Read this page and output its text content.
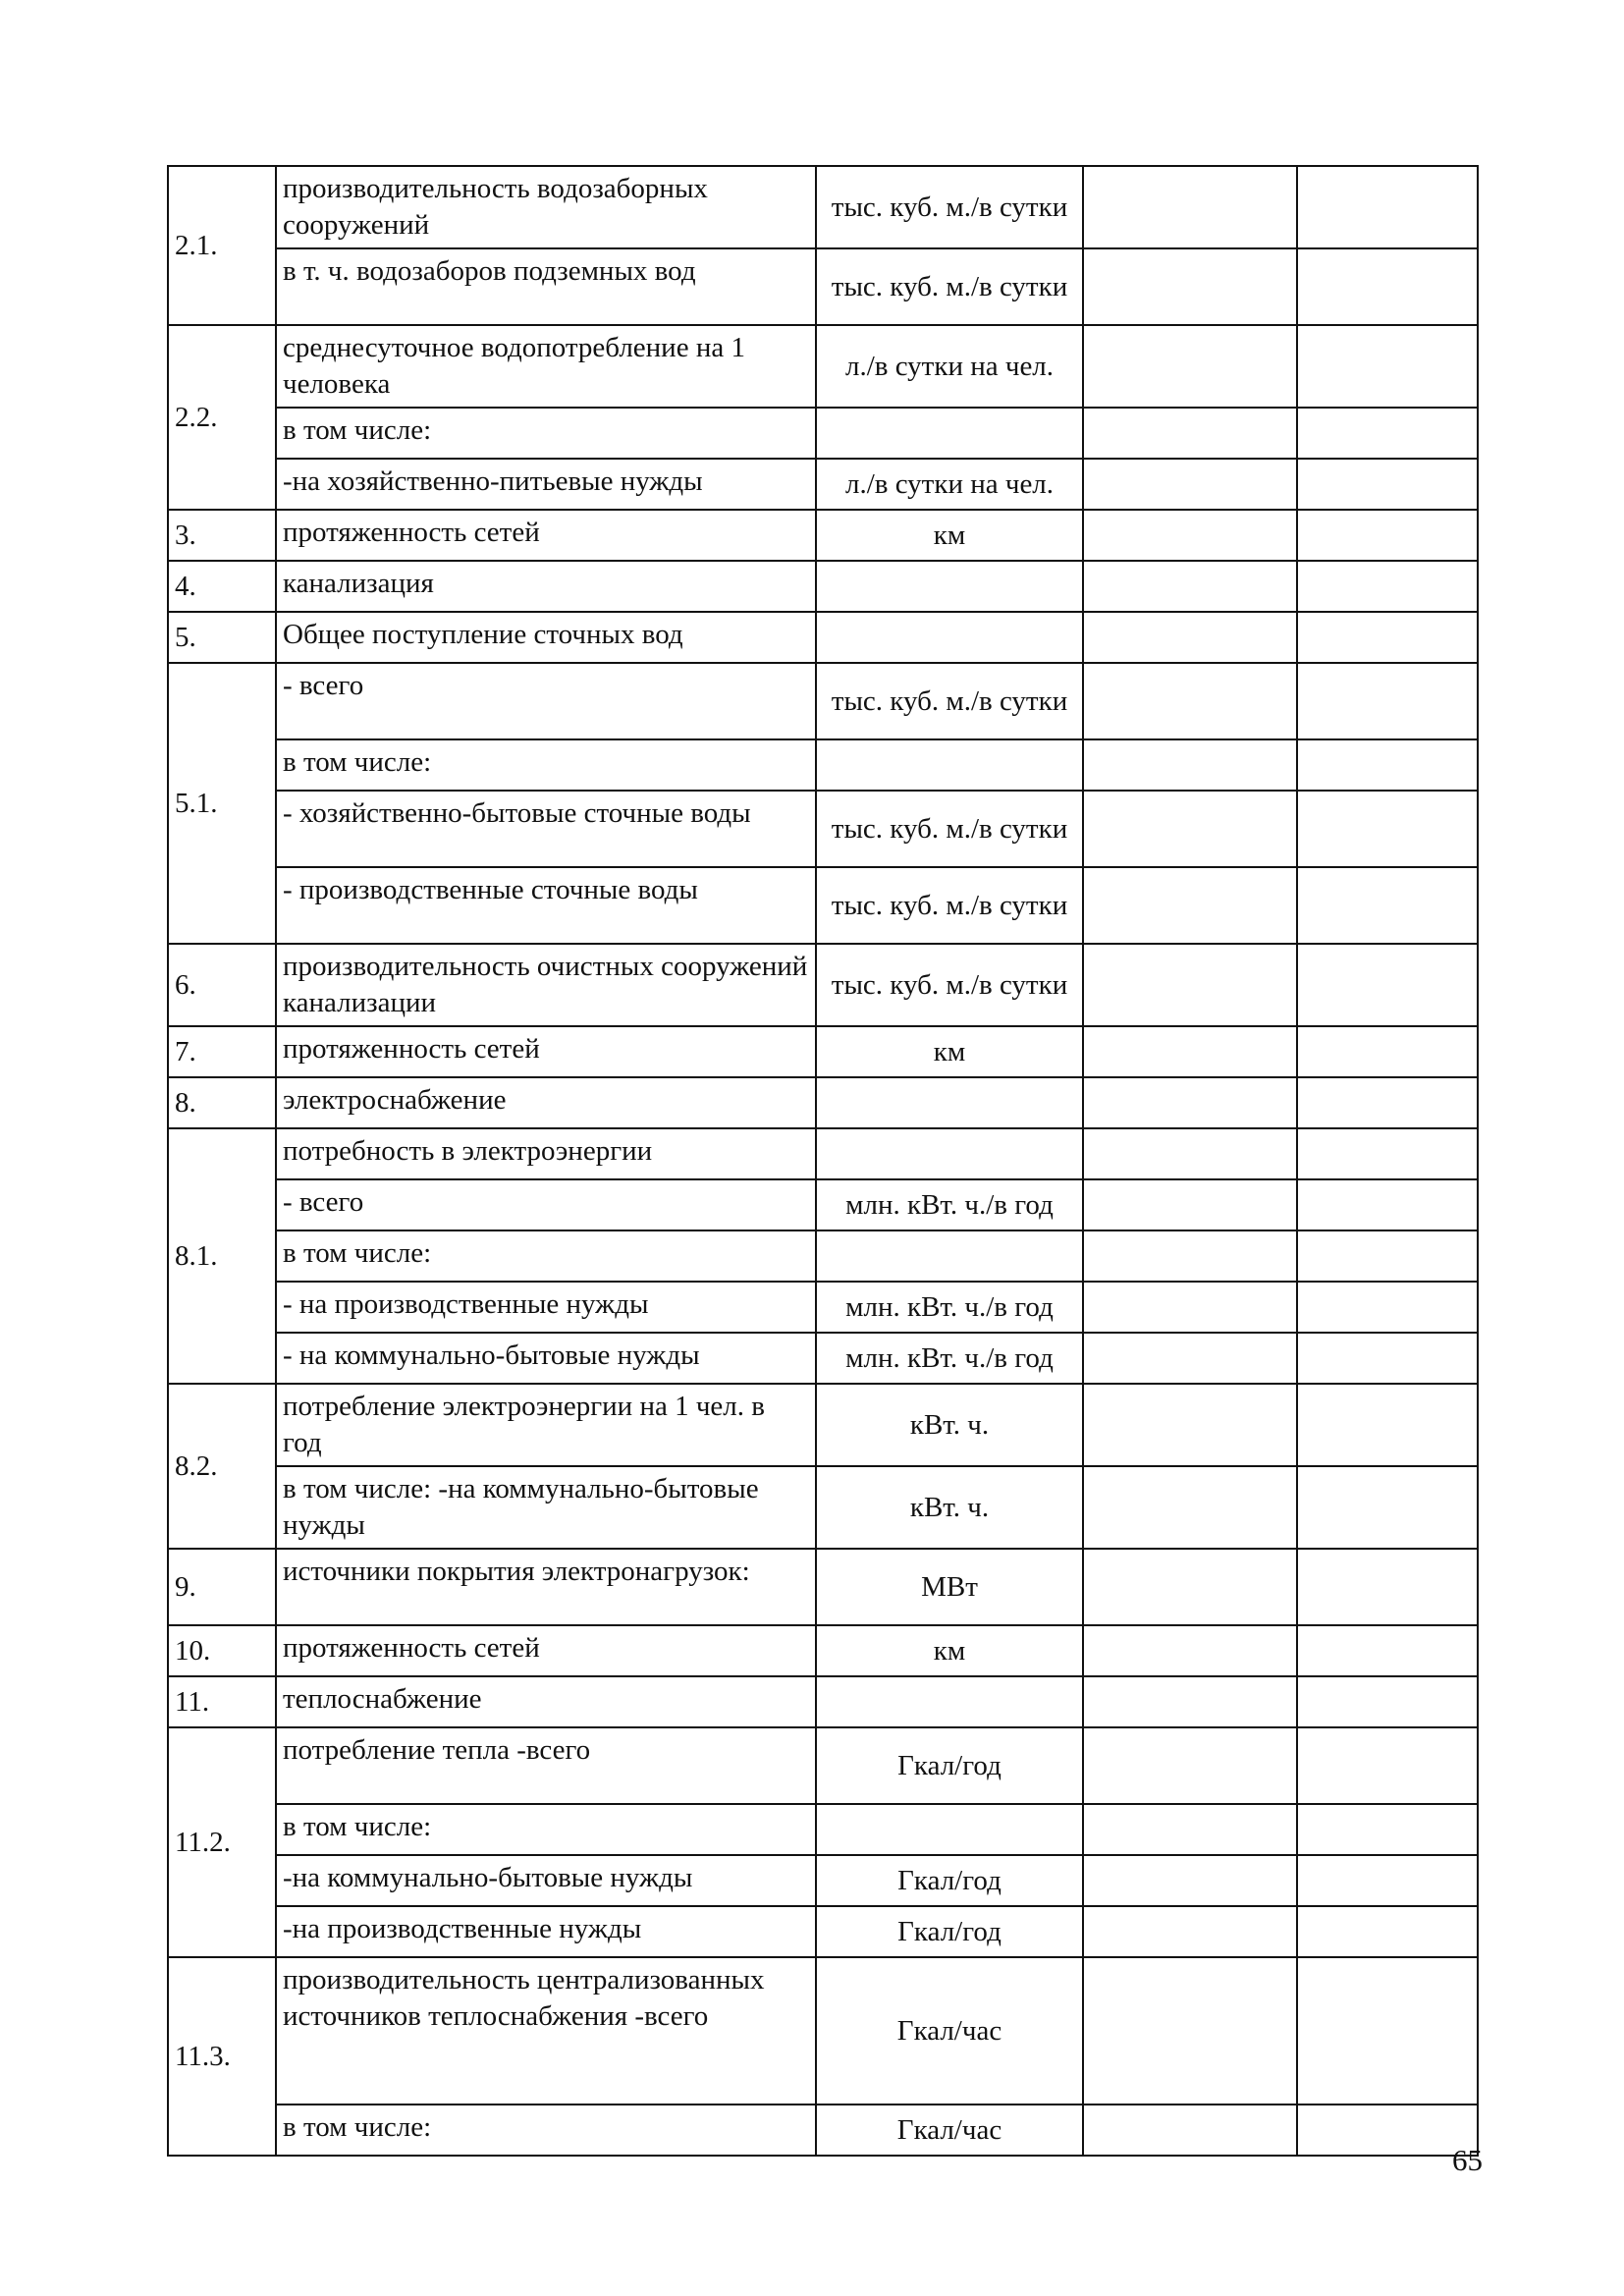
2.1.	производительность водозаборных сооружений	тыс. куб. м./в сутки		
	в т. ч. водозаборов подземных вод	тыс. куб. м./в сутки		
2.2.	среднесуточное водопотребление на 1 человека	л./в сутки на чел.		
	в том числе:			
	-на хозяйственно-питьевые нужды	л./в сутки на чел.		
3.	протяженность сетей	км		
4.	канализация			
5.	Общее поступление сточных вод			
5.1.	- всего	тыс. куб. м./в сутки		
	в том числе:			
	- хозяйственно-бытовые сточные воды	тыс. куб. м./в сутки		
	- производственные сточные воды	тыс. куб. м./в сутки		
6.	производительность очистных сооружений канализации	тыс. куб. м./в сутки		
7.	протяженность сетей	км		
8.	электроснабжение			
8.1.	потребность в электроэнергии			
	- всего	млн. кВт. ч./в год		
	в том числе:			
	- на производственные нужды	млн. кВт. ч./в год		
	- на коммунально-бытовые нужды	млн. кВт. ч./в год		
8.2.	потребление электроэнергии на 1 чел. в год	кВт. ч.		
	в том числе: -на коммунально-бытовые нужды	кВт. ч.		
9.	источники покрытия электронагрузок:	МВт		
10.	протяженность сетей	км		
11.	теплоснабжение			
11.2.	потребление тепла -всего	Гкал/год		
	в том числе:			
	-на коммунально-бытовые нужды	Гкал/год		
	-на производственные нужды	Гкал/год		
11.3.	производительность централизованных источников теплоснабжения -всего	Гкал/час		
	в том числе:	Гкал/час		
65
